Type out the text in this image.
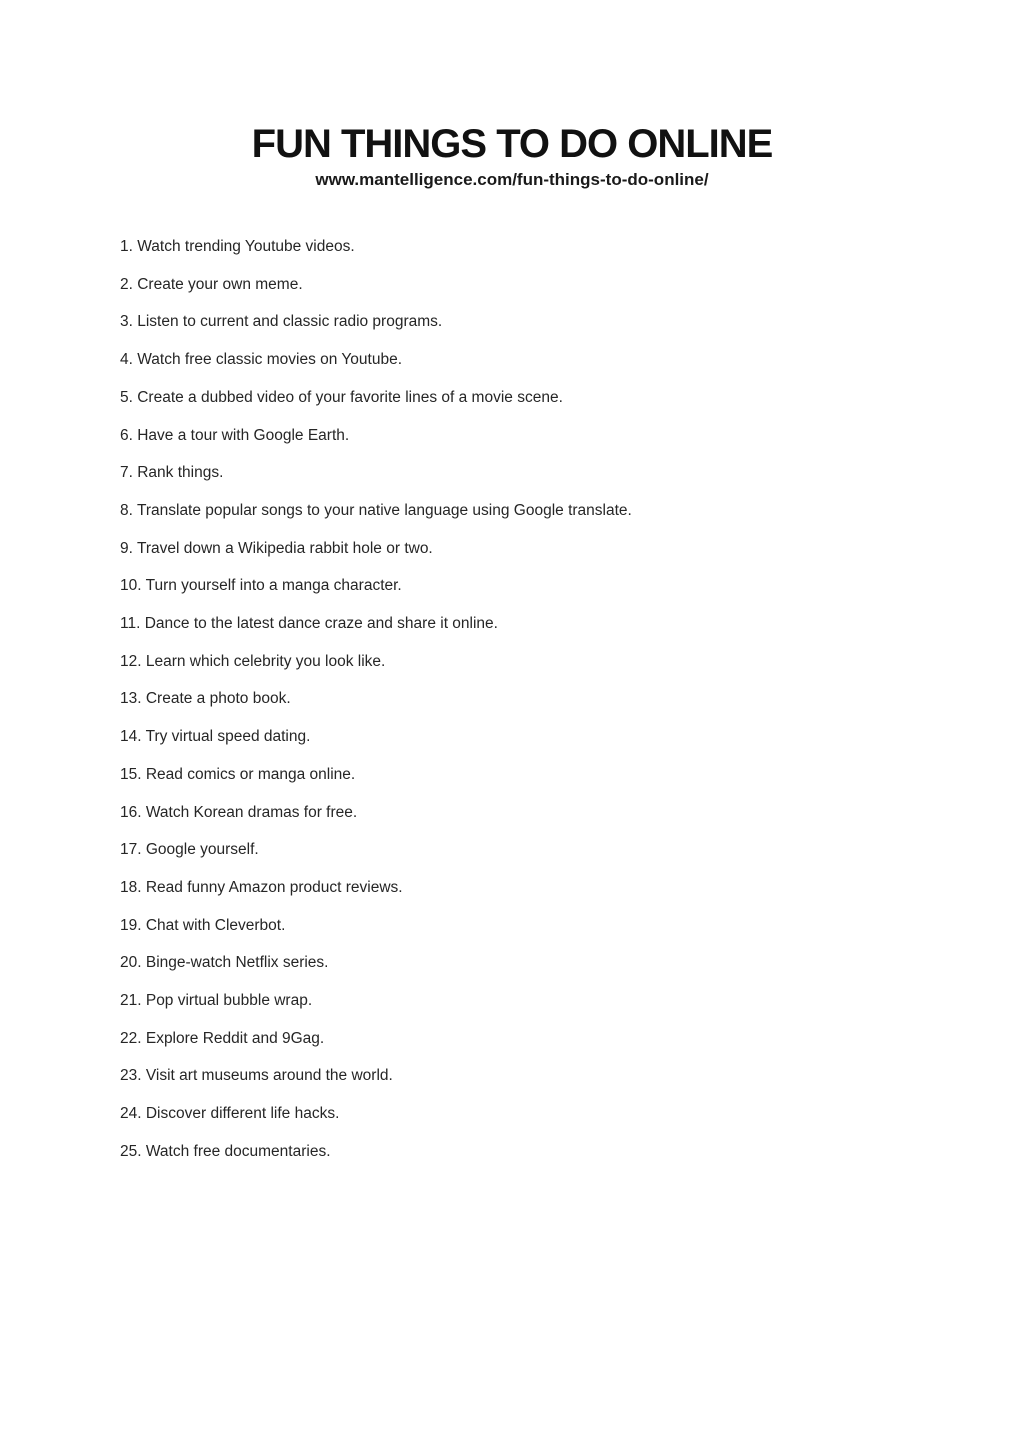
FUN THINGS TO DO ONLINE
www.mantelligence.com/fun-things-to-do-online/
1. Watch trending Youtube videos.
2. Create your own meme.
3. Listen to current and classic radio programs.
4. Watch free classic movies on Youtube.
5. Create a dubbed video of your favorite lines of a movie scene.
6. Have a tour with Google Earth.
7. Rank things.
8. Translate popular songs to your native language using Google translate.
9. Travel down a Wikipedia rabbit hole or two.
10. Turn yourself into a manga character.
11. Dance to the latest dance craze and share it online.
12. Learn which celebrity you look like.
13. Create a photo book.
14. Try virtual speed dating.
15. Read comics or manga online.
16. Watch Korean dramas for free.
17. Google yourself.
18. Read funny Amazon product reviews.
19. Chat with Cleverbot.
20. Binge-watch Netflix series.
21. Pop virtual bubble wrap.
22. Explore Reddit and 9Gag.
23. Visit art museums around the world.
24. Discover different life hacks.
25. Watch free documentaries.
